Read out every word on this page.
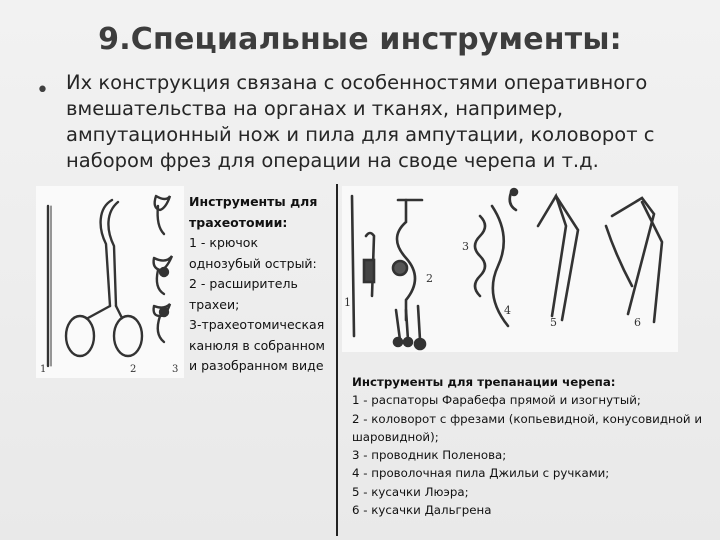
9.Специальные инструменты:
• Их конструкция связана с особенностями оперативного вмешательства на органах и тканях, например, ампутационный нож и пила для ампутации, коловорот с набором фрез для операции на своде черепа и т.д.
1	2	3
Инструменты для трахеотомии:
1 - крючок однозубый острый:
2 - расширитель трахеи;
3-трахеотомическая канюля в собранном и разобранном виде
1
2
3
4
5	6
Инструменты для трепанации черепа:
1 - распаторы Фарабефа прямой и изогнутый;
2 - коловорот с фрезами (копьевидной, конусовидной и шаровидной);
3 - проводник Поленова;
4 - проволочная пила Джильи с ручками;
5 - кусачки Люэра;
6 - кусачки Дальгрена
